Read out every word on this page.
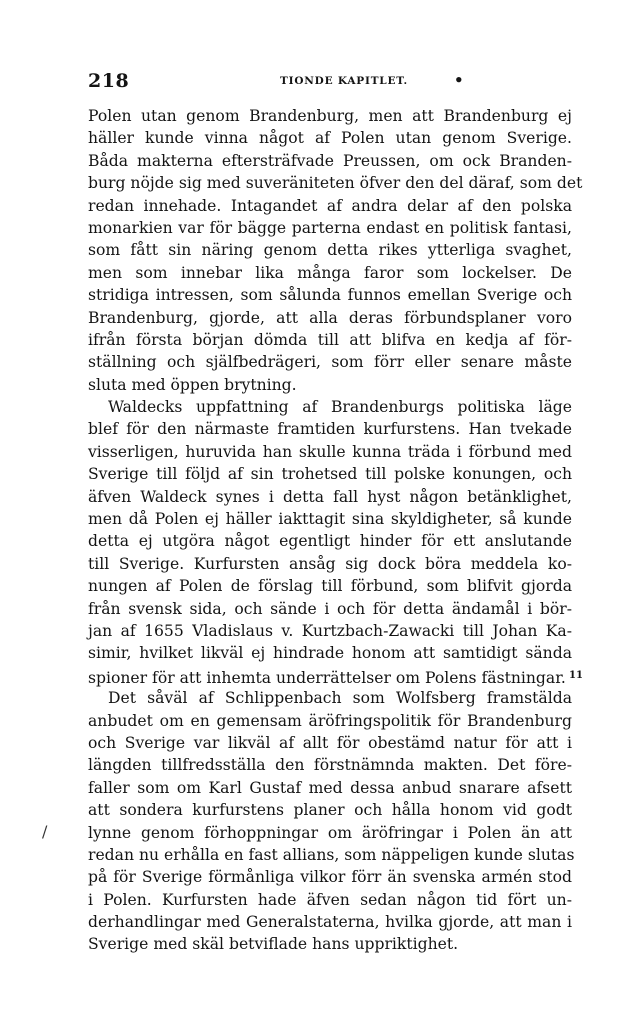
218	TIONDE KAPITLET.	•
Polen utan genom Brandenburg, men att Brandenburg ej
häller kunde vinna något af Polen utan genom Sverige.
Båda makterna eftersträfvade Preussen, om ock Branden-
burg nöjde sig med suveräniteten öfver den del däraf, som det
redan innehade. Intagandet af andra delar af den polska
monarkien var för bägge parterna endast en politisk fantasi,
som fått sin näring genom detta rikes ytterliga svaghet,
men som innebar lika många faror som lockelser. De
stridiga intressen, som sålunda funnos emellan Sverige och
Brandenburg, gjorde, att alla deras förbundsplaner voro
ifrån första början dömda till att blifva en kedja af för-
ställning och själfbedrägeri, som förr eller senare måste
sluta med öppen brytning.
Waldecks uppfattning af Brandenburgs politiska läge
blef för den närmaste framtiden kurfurstens. Han tvekade
visserligen, huruvida han skulle kunna träda i förbund med
Sverige till följd af sin trohetsed till polske konungen, och
äfven Waldeck synes i detta fall hyst någon betänklighet,
men då Polen ej häller iakttagit sina skyldigheter, så kunde
detta ej utgöra något egentligt hinder för ett anslutande
till Sverige. Kurfursten ansåg sig dock böra meddela ko-
nungen af Polen de förslag till förbund, som blifvit gjorda
från svensk sida, och sände i och för detta ändamål i bör-
jan af 1655 Vladislaus v. Kurtzbach-Zawacki till Johan Ka-
simir, hvilket likväl ej hindrade honom att samtidigt sända
spioner för att inhemta underrättelser om Polens fästningar.  $^{11}$
Det såväl af Schlippenbach som Wolfsberg framstälda
anbudet om en gemensam äröfringspolitik för Brandenburg
och Sverige var likväl af allt för obestämd natur för att i
längden tillfredsställa den förstnämnda makten. Det före-
faller som om Karl Gustaf med dessa anbud snarare afsett
att sondera kurfurstens planer och hålla honom vid godt
lynne genom förhoppningar om äröfringar i Polen än att
redan nu erhålla en fast allians, som näppeligen kunde slutas
på för Sverige förmånliga vilkor förr än svenska armén stod
i Polen. Kurfursten hade äfven sedan någon tid fört un-
derhandlingar med Generalstaterna, hvilka gjorde, att man i
Sverige med skäl betviflade hans uppriktighet.
/
